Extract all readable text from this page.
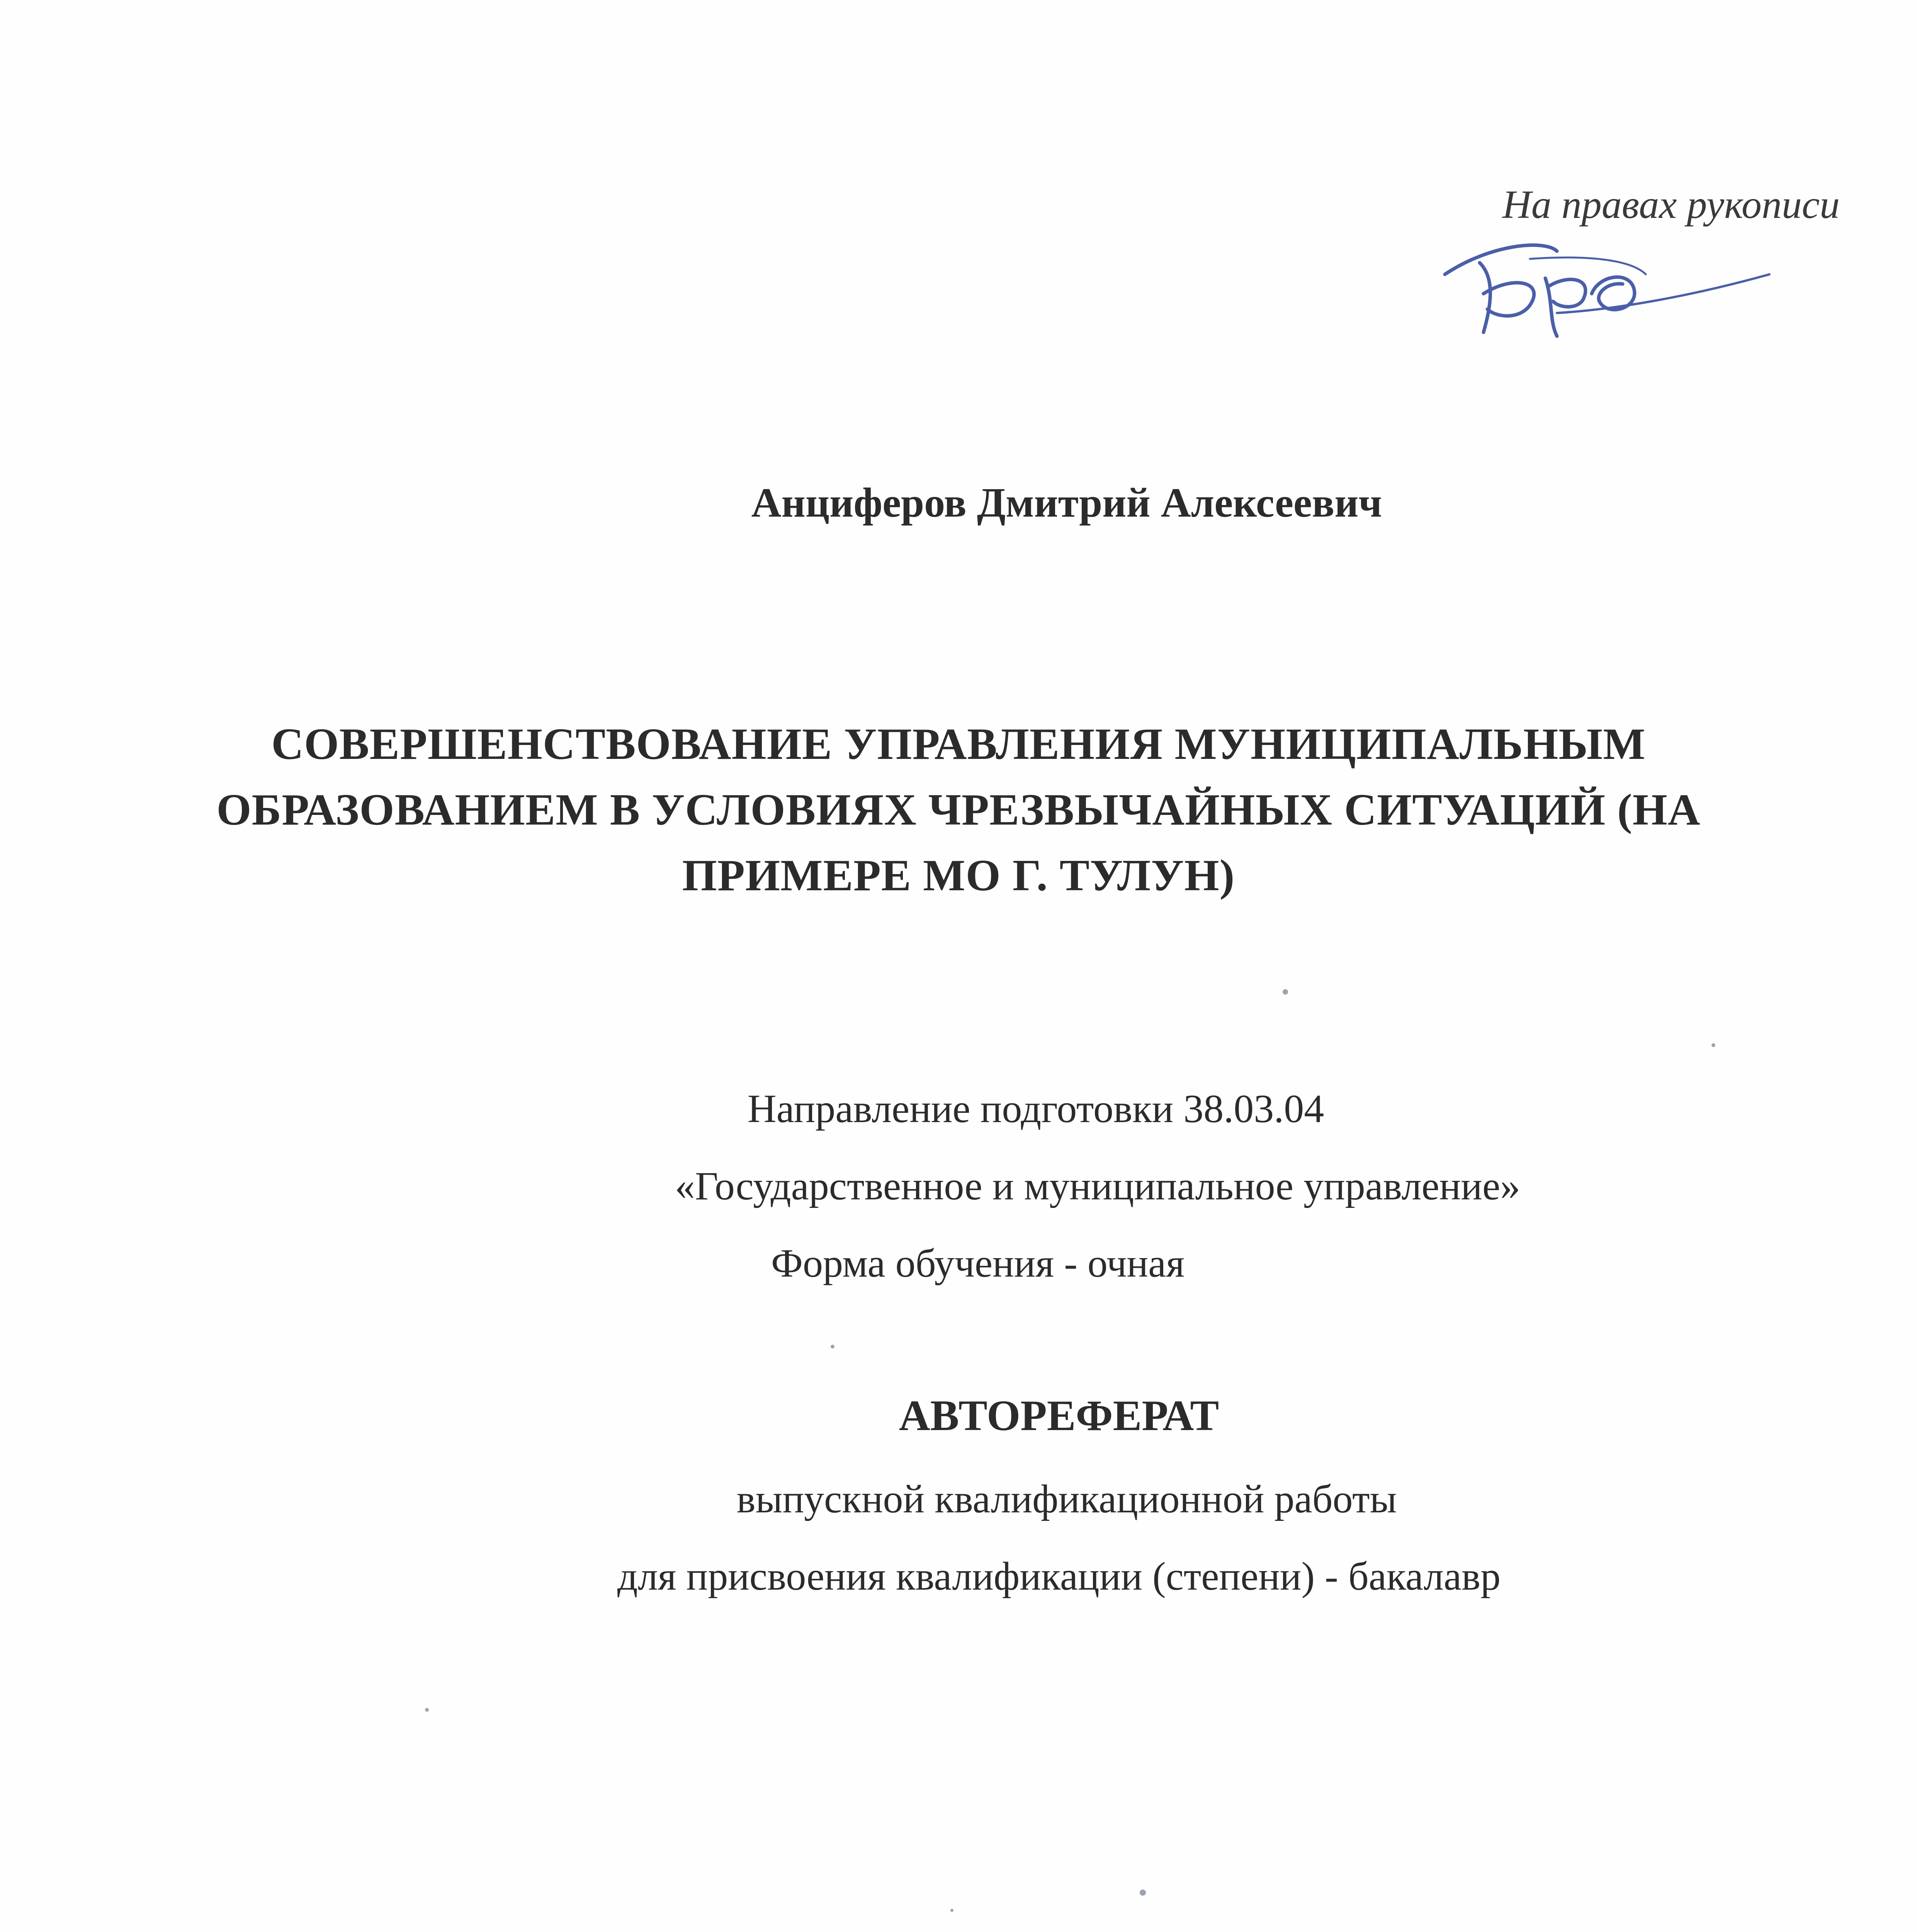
На правах рукописи
Анциферов Дмитрий Алексеевич
СОВЕРШЕНСТВОВАНИЕ УПРАВЛЕНИЯ МУНИЦИПАЛЬНЫМ
ОБРАЗОВАНИЕМ В УСЛОВИЯХ ЧРЕЗВЫЧАЙНЫХ СИТУАЦИЙ (НА
ПРИМЕРЕ МО Г. ТУЛУН)
Направление подготовки 38.03.04
«Государственное и муниципальное управление»
Форма обучения - очная
АВТОРЕФЕРАТ
выпускной квалификационной работы
для присвоения квалификации (степени) - бакалавр
